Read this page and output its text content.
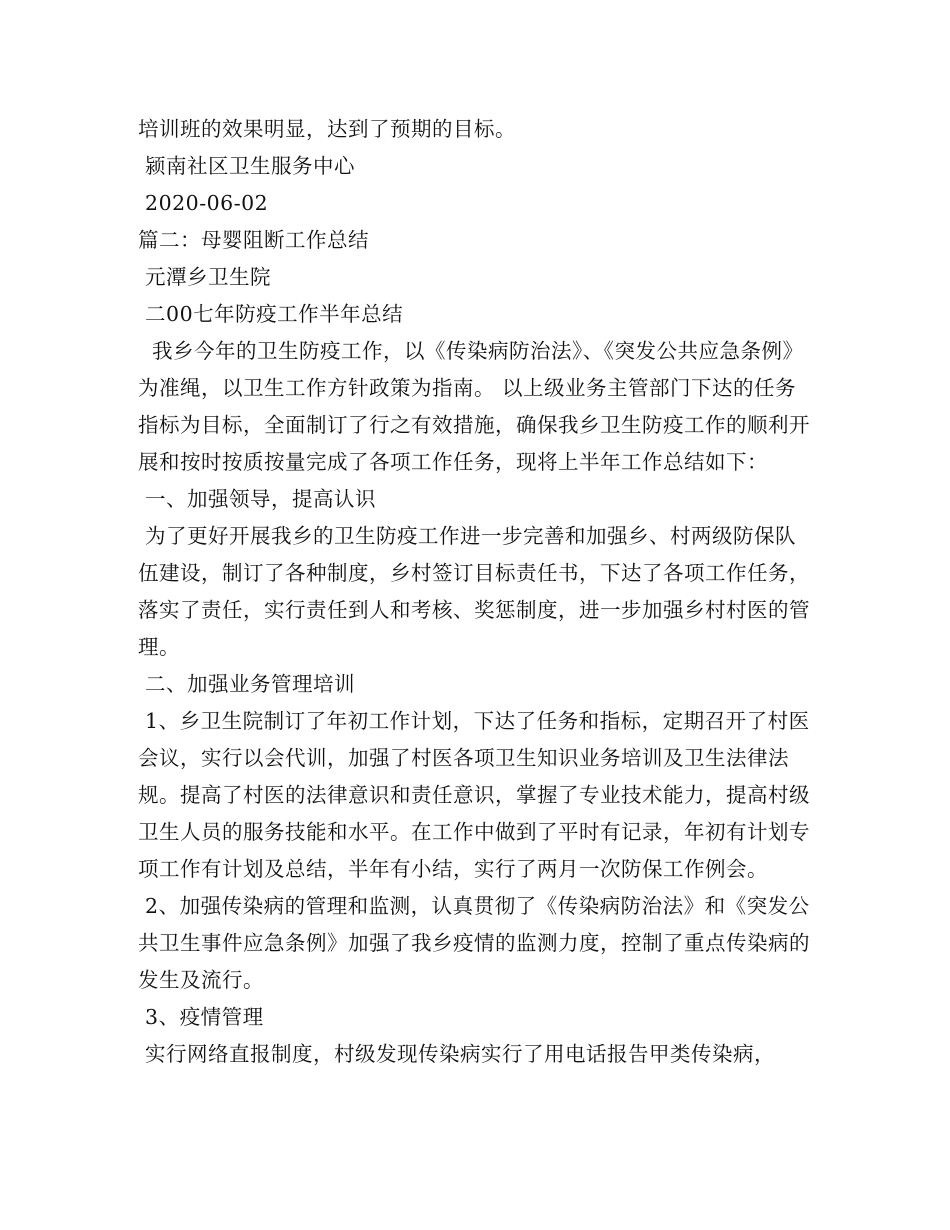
培训班的效果明显，达到了预期的目标。

颍南社区卫生服务中心

2020-06-02

篇二：母婴阻断工作总结

元潭乡卫生院

二00七年防疫工作半年总结

我乡今年的卫生防疫工作，以《传染病防治法》、《突发公共应急条例》为准绳，以卫生工作方针政策为指南。 以上级业务主管部门下达的任务指标为目标，全面制订了行之有效措施，确保我乡卫生防疫工作的顺利开展和按时按质按量完成了各项工作任务，现将上半年工作总结如下：

一、加强领导，提高认识

为了更好开展我乡的卫生防疫工作进一步完善和加强乡、村两级防保队伍建设，制订了各种制度，乡村签订目标责任书，下达了各项工作任务，落实了责任，实行责任到人和考核、奖惩制度，进一步加强乡村村医的管理。

二、加强业务管理培训

1、乡卫生院制订了年初工作计划，下达了任务和指标，定期召开了村医会议，实行以会代训，加强了村医各项卫生知识业务培训及卫生法律法规。提高了村医的法律意识和责任意识，掌握了专业技术能力，提高村级卫生人员的服务技能和水平。在工作中做到了平时有记录，年初有计划专项工作有计划及总结，半年有小结，实行了两月一次防保工作例会。

2、加强传染病的管理和监测，认真贯彻了《传染病防治法》和《突发公共卫生事件应急条例》加强了我乡疫情的监测力度，控制了重点传染病的发生及流行。

3、疫情管理

实行网络直报制度，村级发现传染病实行了用电话报告甲类传染病，
